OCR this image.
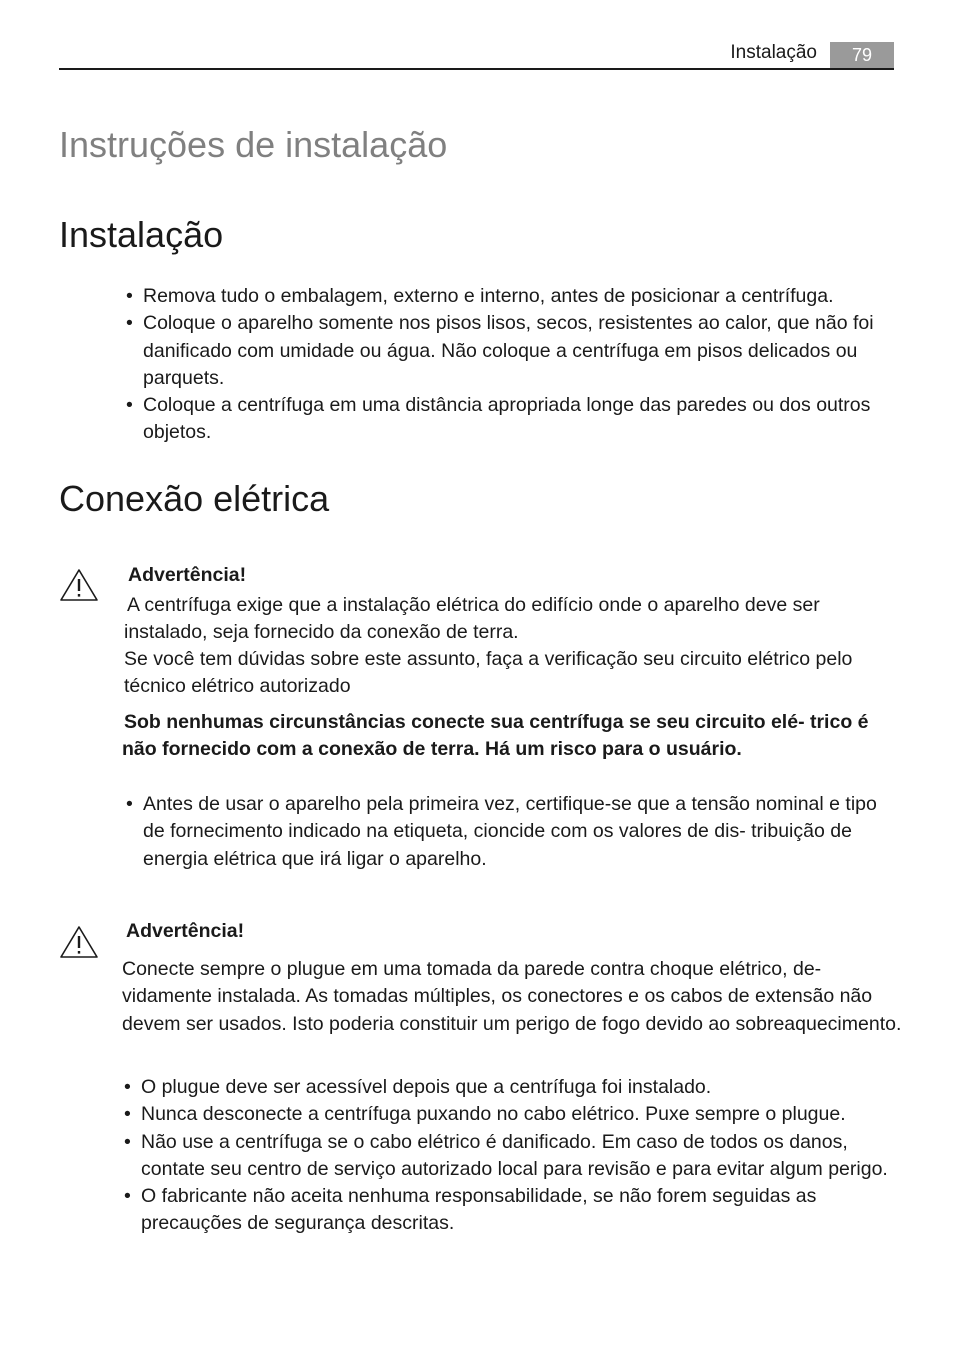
Instalação	79
Instruções de instalação
Instalação
• Remova tudo o embalagem, externo e interno, antes de posicionar a centrífuga.
• Coloque o aparelho somente nos pisos lisos, secos, resistentes ao calor, que não foi danificado com umidade ou água. Não coloque a centrífuga em pisos delicados ou parquets.
• Coloque a centrífuga em uma distância apropriada longe das paredes ou dos outros objetos.
Conexão elétrica
Advertência!

A centrífuga exige que a instalação elétrica do edifício onde o aparelho deve ser instalado, seja fornecido da conexão de terra.

Se você tem dúvidas sobre este assunto, faça a verificação seu circuito elétrico pelo técnico elétrico autorizado

Sob nenhumas circunstâncias conecte sua centrífuga se seu circuito elé- trico é não fornecido com a conexão de terra. Há um risco para o usuário.

• Antes de usar o aparelho pela primeira vez, certifique-se que a tensão nominal e tipo de fornecimento indicado na etiqueta, cioncide com os valores de dis- tribuição de energia elétrica que irá ligar o aparelho.
Advertência!

Conecte sempre o plugue em uma tomada da parede contra choque elétrico, de- vidamente instalada. As tomadas múltiples, os conectores e os cabos de extensão não devem ser usados. Isto poderia constituir um perigo de fogo devido ao sobreaquecimento.

• O plugue deve ser acessível depois que a centrífuga foi instalado.
• Nunca desconecte a centrífuga puxando no cabo elétrico. Puxe sempre o plugue.
• Não use a centrífuga se o cabo elétrico é danificado. Em caso de todos os danos, contate seu centro de serviço autorizado local para revisão e para evitar algum perigo.
• O fabricante não aceita nenhuma responsabilidade, se não forem seguidas as precauções de segurança descritas.
